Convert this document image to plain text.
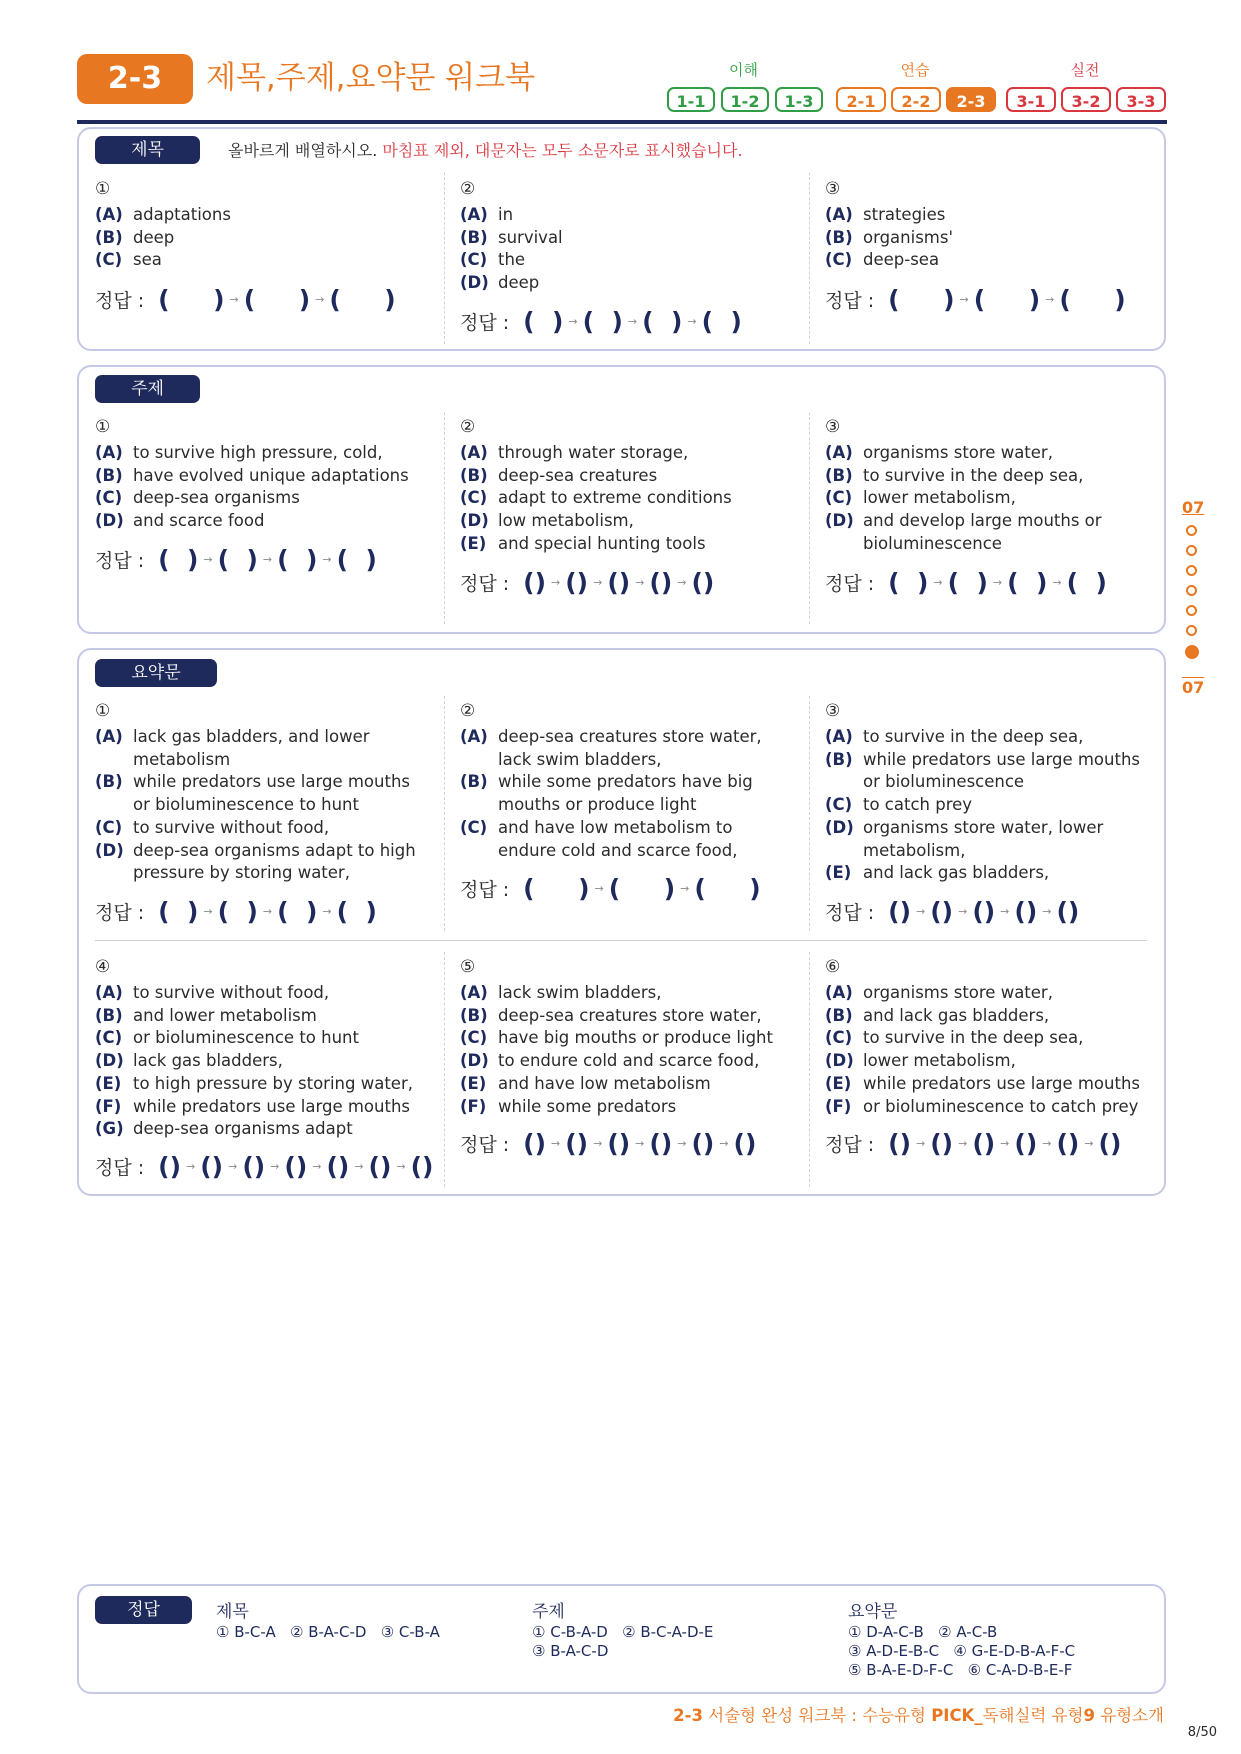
2-3	제목,주제,요약문 워크북	이해	연습	실전
1-1	1-2	1-3	2-1	2-2	2-3	3-1	3-2	3-3
제목	올바르게 배열하시오. 마침표 제외, 대문자는 모두 소문자로 표시했습니다.
①
(A) adaptations
(B) deep
(C) sea
정답 : (     ) → (     ) → (     )
②
(A) in
(B) survival
(C) the
(D) deep
정답 : (  ) → (  ) → (  ) → (  )
③
(A) strategies
(B) organisms'
(C) deep-sea
정답 : (     ) → (     ) → (     )
주제
①
(A) to survive high pressure, cold,
(B) have evolved unique adaptations
(C) deep-sea organisms
(D) and scarce food
정답 : (  ) → (  ) → (  ) → (  )
②
(A) through water storage,
(B) deep-sea creatures
(C) adapt to extreme conditions
(D) low metabolism,
(E) and special hunting tools
정답 : () → () → () → () → ()
③
(A) organisms store water,
(B) to survive in the deep sea,
(C) lower metabolism,
(D) and develop large mouths or bioluminescence
정답 : (  ) → (  ) → (  ) → (  )
요약문
①
(A) lack gas bladders, and lower metabolism
(B) while predators use large mouths or bioluminescence to hunt
(C) to survive without food,
(D) deep-sea organisms adapt to high pressure by storing water,
정답 : (  ) → (  ) → (  ) → (  )
②
(A) deep-sea creatures store water, lack swim bladders,
(B) while some predators have big mouths or produce light
(C) and have low metabolism to endure cold and scarce food,
정답 : (     ) → (     ) → (     )
③
(A) to survive in the deep sea,
(B) while predators use large mouths or bioluminescence
(C) to catch prey
(D) organisms store water, lower metabolism,
(E) and lack gas bladders,
정답 : () → () → () → () → ()
④
(A) to survive without food,
(B) and lower metabolism
(C) or bioluminescence to hunt
(D) lack gas bladders,
(E) to high pressure by storing water,
(F) while predators use large mouths
(G) deep-sea organisms adapt
정답 : () → () → () → () → () → () → ()
⑤
(A) lack swim bladders,
(B) deep-sea creatures store water,
(C) have big mouths or produce light
(D) to endure cold and scarce food,
(E) and have low metabolism
(F) while some predators
정답 : () → () → () → () → () → ()
⑥
(A) organisms store water,
(B) and lack gas bladders,
(C) to survive in the deep sea,
(D) lower metabolism,
(E) while predators use large mouths
(F) or bioluminescence to catch prey
정답 : () → () → () → () → () → ()
07
07
정답	제목
① B-C-A   ② B-A-C-D   ③ C-B-A
주제
① C-B-A-D   ② B-C-A-D-E
③ B-A-C-D
요약문
① D-A-C-B   ② A-C-B
③ A-D-E-B-C   ④ G-E-D-B-A-F-C
⑤ B-A-E-D-F-C   ⑥ C-A-D-B-E-F
2-3 서술형 완성 워크북 : 수능유형 PICK_독해실력 유형9 유형소개
8/50
